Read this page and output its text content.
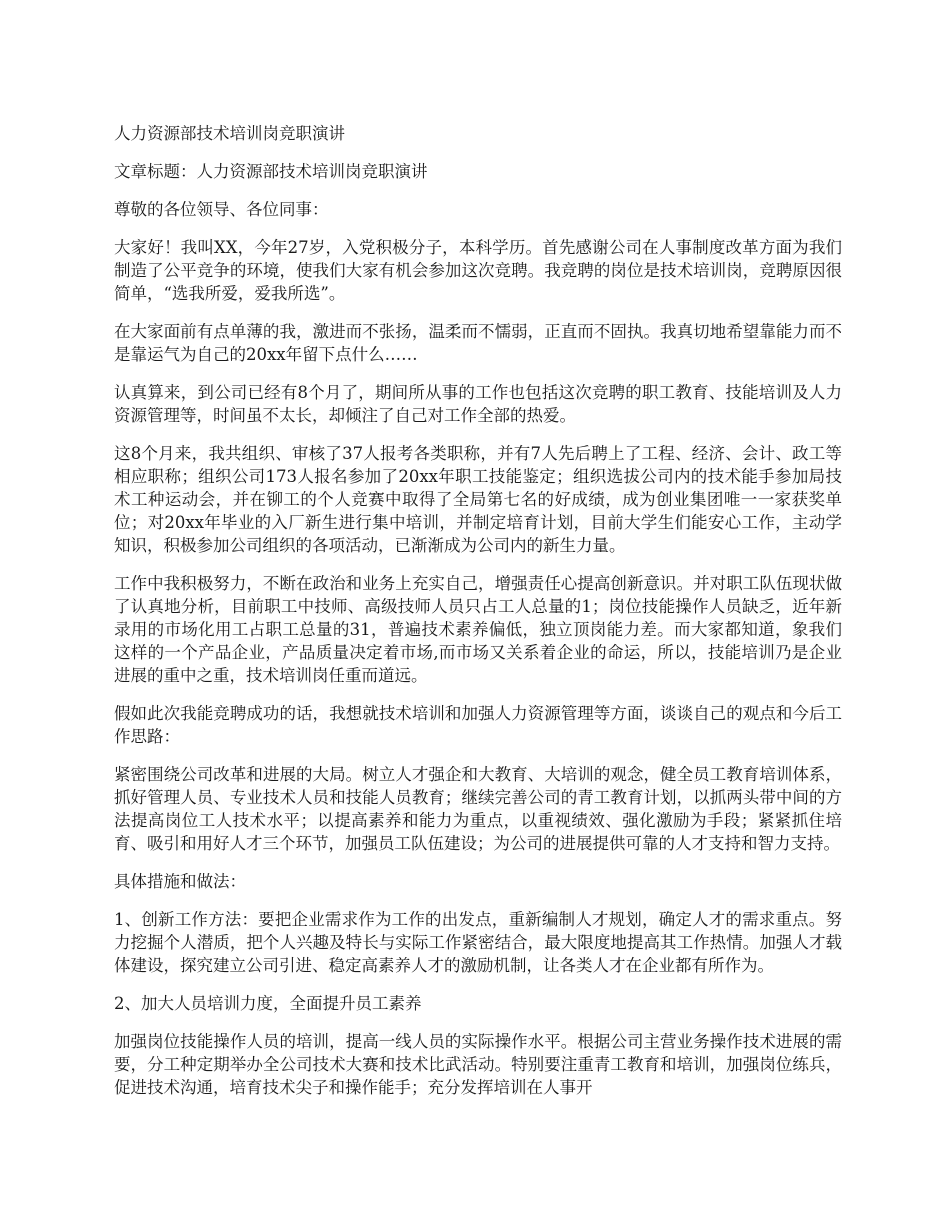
人力资源部技术培训岗竞职演讲

文章标题：人力资源部技术培训岗竞职演讲

尊敬的各位领导、各位同事：

大家好！我叫XX，今年27岁，入党积极分子，本科学历。首先感谢公司在人事制度改革方面为我们制造了公平竞争的环境，使我们大家有机会参加这次竞聘。我竞聘的岗位是技术培训岗，竞聘原因很简单，“选我所爱，爱我所选”。

在大家面前有点单薄的我，激进而不张扬，温柔而不懦弱，正直而不固执。我真切地希望靠能力而不是靠运气为自己的20xx年留下点什么……

认真算来，到公司已经有8个月了，期间所从事的工作也包括这次竞聘的职工教育、技能培训及人力资源管理等，时间虽不太长，却倾注了自己对工作全部的热爱。

这8个月来，我共组织、审核了37人报考各类职称，并有7人先后聘上了工程、经济、会计、政工等相应职称；组织公司173人报名参加了20xx年职工技能鉴定；组织选拔公司内的技术能手参加局技术工种运动会，并在铆工的个人竞赛中取得了全局第七名的好成绩，成为创业集团唯一一家获奖单位；对20xx年毕业的入厂新生进行集中培训，并制定培育计划，目前大学生们能安心工作，主动学知识，积极参加公司组织的各项活动，已渐渐成为公司内的新生力量。

工作中我积极努力，不断在政治和业务上充实自己，增强责任心提高创新意识。并对职工队伍现状做了认真地分析，目前职工中技师、高级技师人员只占工人总量的1；岗位技能操作人员缺乏，近年新录用的市场化用工占职工总量的31，普遍技术素养偏低，独立顶岗能力差。而大家都知道，象我们这样的一个产品企业，产品质量决定着市场,而市场又关系着企业的命运，所以，技能培训乃是企业进展的重中之重，技术培训岗任重而道远。

假如此次我能竞聘成功的话，我想就技术培训和加强人力资源管理等方面，谈谈自己的观点和今后工作思路：

紧密围绕公司改革和进展的大局。树立人才强企和大教育、大培训的观念，健全员工教育培训体系，抓好管理人员、专业技术人员和技能人员教育；继续完善公司的青工教育计划，以抓两头带中间的方法提高岗位工人技术水平；以提高素养和能力为重点，以重视绩效、强化激励为手段；紧紧抓住培育、吸引和用好人才三个环节，加强员工队伍建设；为公司的进展提供可靠的人才支持和智力支持。

具体措施和做法：

1、创新工作方法：要把企业需求作为工作的出发点，重新编制人才规划，确定人才的需求重点。努力挖掘个人潜质，把个人兴趣及特长与实际工作紧密结合，最大限度地提高其工作热情。加强人才载体建设，探究建立公司引进、稳定高素养人才的激励机制，让各类人才在企业都有所作为。

2、加大人员培训力度，全面提升员工素养

加强岗位技能操作人员的培训，提高一线人员的实际操作水平。根据公司主营业务操作技术进展的需要，分工种定期举办全公司技术大赛和技术比武活动。特别要注重青工教育和培训，加强岗位练兵，促进技术沟通，培育技术尖子和操作能手；充分发挥培训在人事开
